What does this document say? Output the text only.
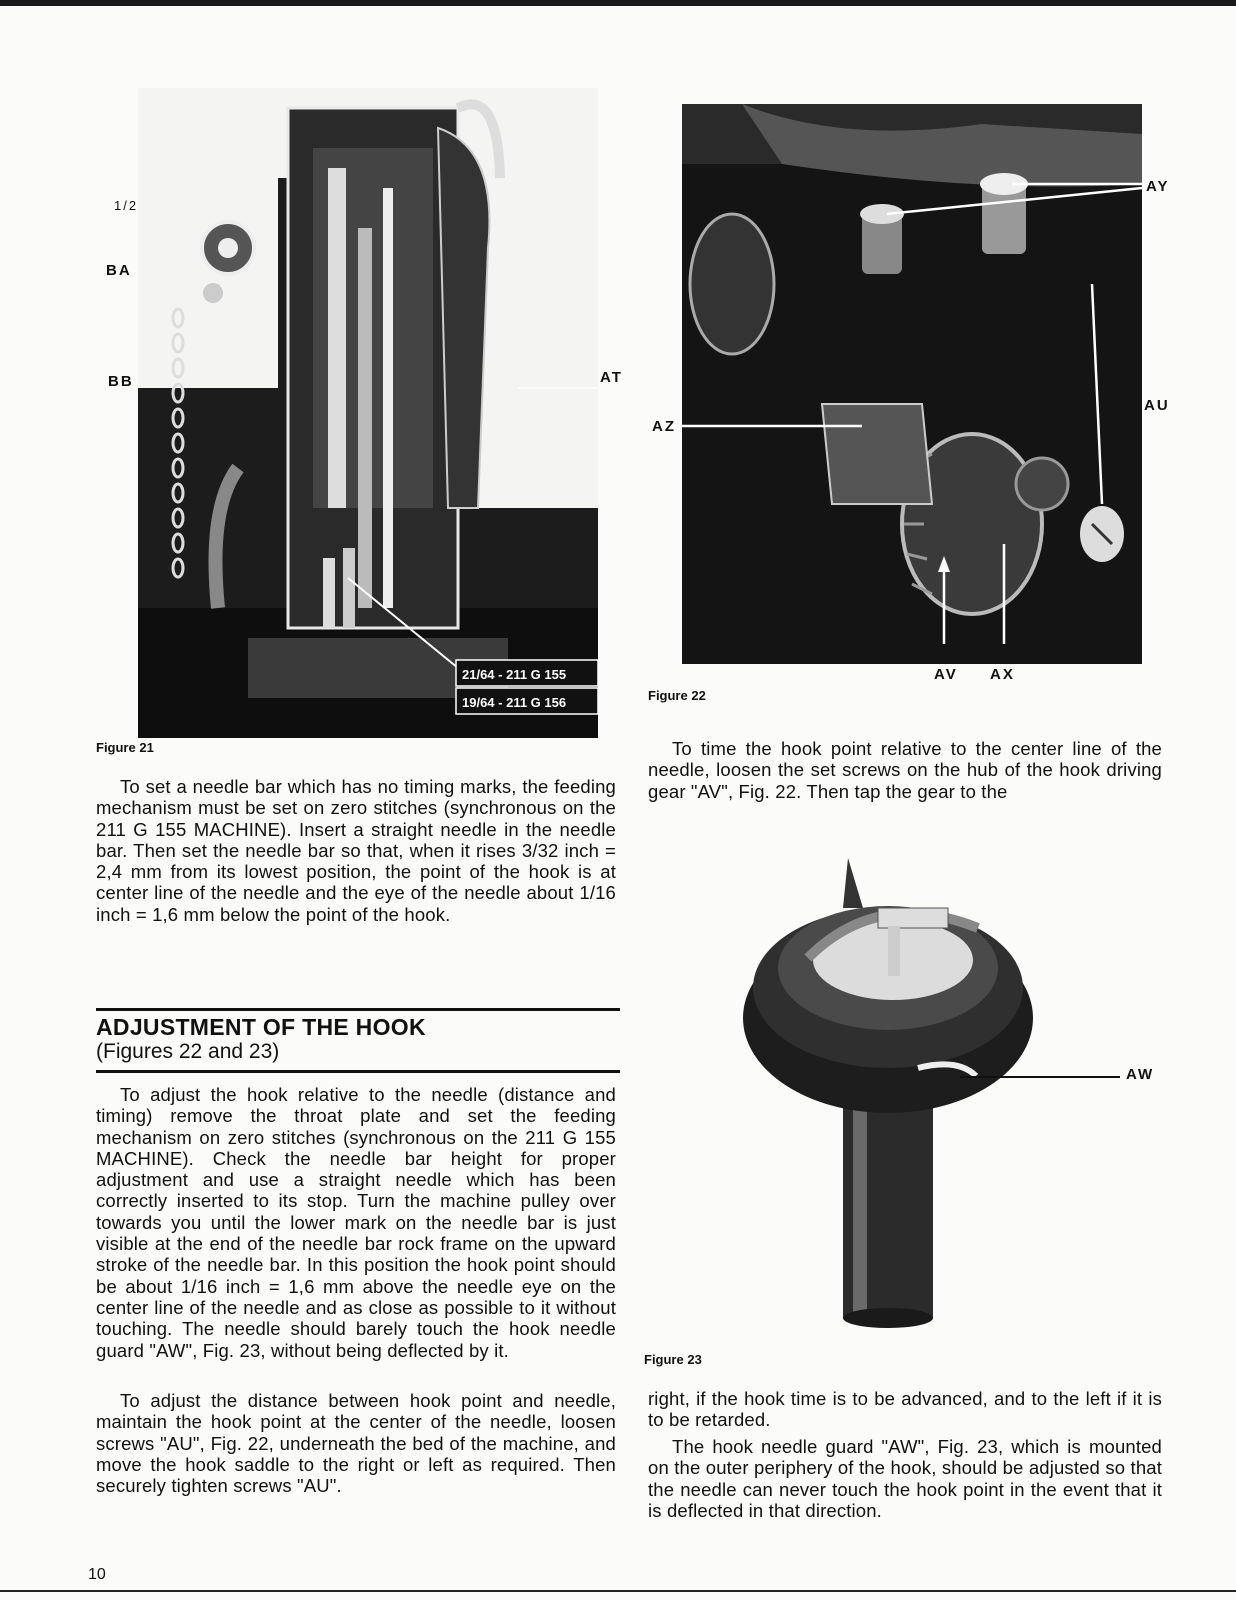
21/64 - 211 G 155
19/64 - 211 G 156
1/2
BA
BB	AT
Figure 21
AY
AU
AZ
AV AX
Figure 22
AW
Figure 23

To set a needle bar which has no timing marks, the feeding mechanism must be set on zero stitches (synchronous on the 211 G 155 MACHINE). Insert a straight needle in the needle bar. Then set the needle bar so that, when it rises 3/32 inch = 2,4 mm from its lowest position, the point of the hook is at center line of the needle and the eye of the needle about 1/16 inch = 1,6 mm below the point of the hook.

ADJUSTMENT OF THE HOOK
(Figures 22 and 23)

To adjust the hook relative to the needle (distance and timing) remove the throat plate and set the feeding mechanism on zero stitches (synchronous on the 211 G 155 MACHINE). Check the needle bar height for proper adjustment and use a straight needle which has been correctly inserted to its stop. Turn the machine pulley over towards you until the lower mark on the needle bar is just visible at the end of the needle bar rock frame on the upward stroke of the needle bar. In this position the hook point should be about 1/16 inch = 1,6 mm above the needle eye on the center line of the needle and as close as possible to it without touching. The needle should barely touch the hook needle guard "AW", Fig. 23, without being deflected by it.

To adjust the distance between hook point and needle, maintain the hook point at the center of the needle, loosen screws "AU", Fig. 22, underneath the bed of the machine, and move the hook saddle to the right or left as required. Then securely tighten screws "AU".

To time the hook point relative to the center line of the needle, loosen the set screws on the hub of the hook driving gear "AV", Fig. 22. Then tap the gear to the

right, if the hook time is to be advanced, and to the left if it is to be retarded.

The hook needle guard "AW", Fig. 23, which is mounted on the outer periphery of the hook, should be adjusted so that the needle can never touch the hook point in the event that it is deflected in that direction.

10
